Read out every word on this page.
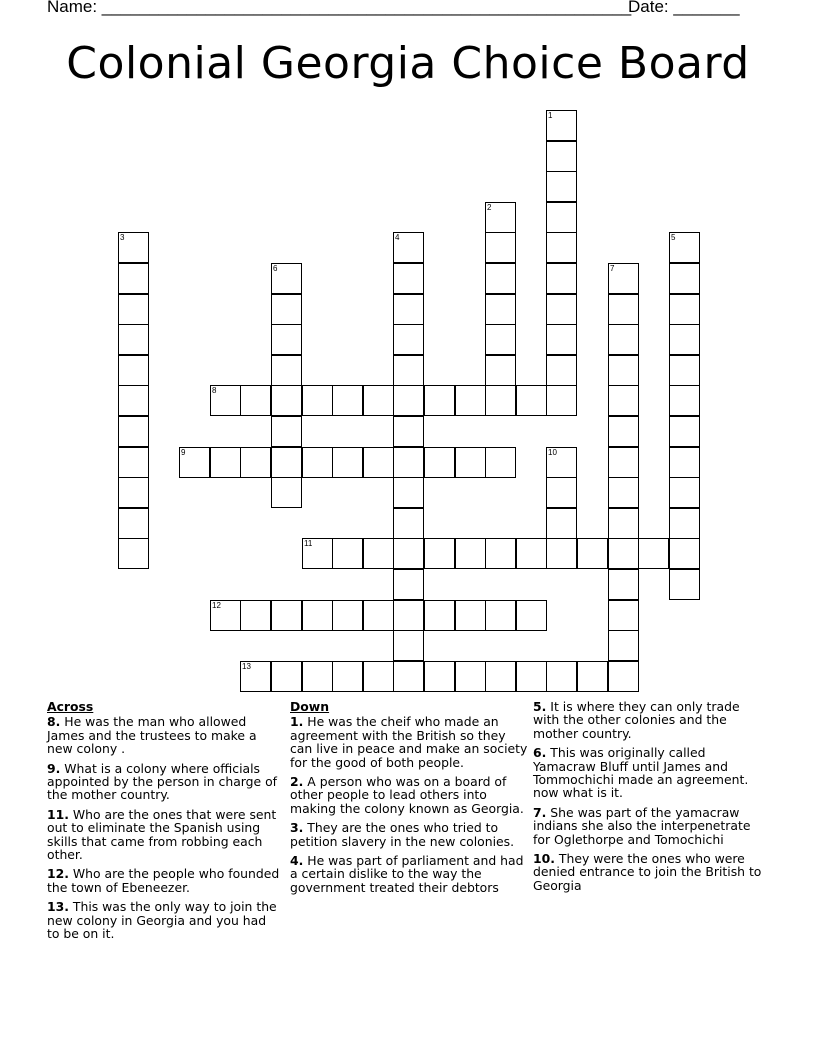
Name: ________________________________________________________
Date: _______
Colonial Georgia Choice Board
1
2
3	4	5
6	7
8
9	10
11
12
13
Across
8. He was the man who allowed James and the trustees to make a new colony .
9. What is a colony where officials appointed by the person in charge of the mother country.
11. Who are the ones that were sent out to eliminate the Spanish using skills that came from robbing each other.
12. Who are the people who founded the town of Ebeneezer.
13. This was the only way to join the new colony in Georgia and you had to be on it.
Down
1. He was the cheif who made an agreement with the British so they can live in peace and make an society for the good of both people.
2. A person who was on a board of other people to lead others into making the colony known as Georgia.
3. They are the ones who tried to petition slavery in the new colonies.
4. He was part of parliament and had a certain dislike to the way the government treated their debtors
5. It is where they can only trade with the other colonies and the mother country.
6. This was originally called Yamacraw Bluff until James and Tommochichi made an agreement. now what is it.
7. She was part of the yamacraw indians she also the interpenetrate for Oglethorpe and Tomochichi
10. They were the ones who were denied entrance to join the British to Georgia
